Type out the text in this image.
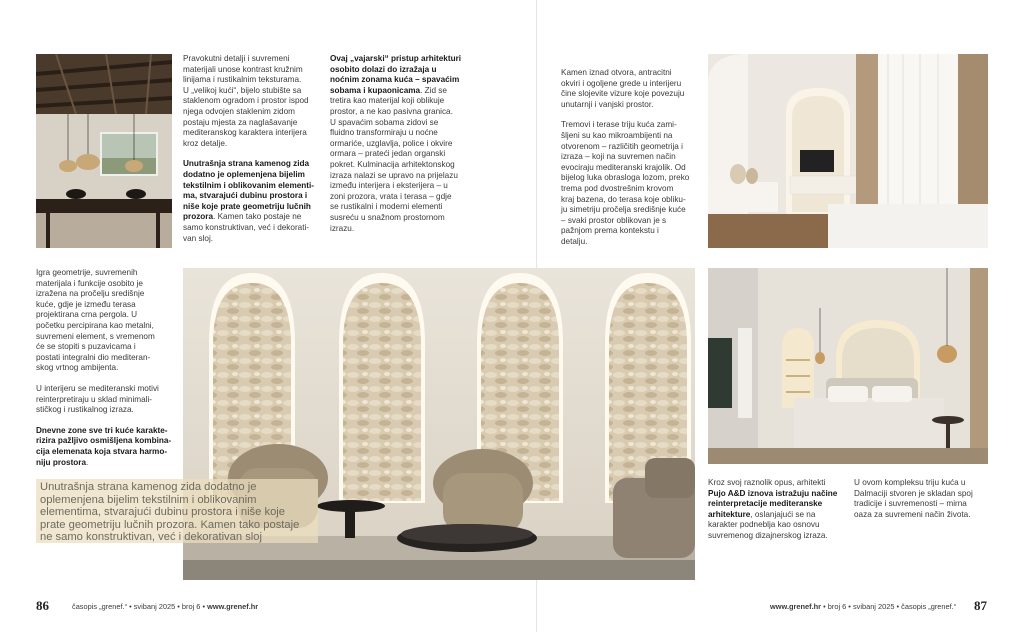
Pravokutni detalji i suvremeni
materijali unose kontrast kružnim
linijama i rustikalnim teksturama.
U „velikoj kući“, bijelo stubište sa
staklenom ogradom i prostor ispod
njega odvojen staklenim zidom
postaju mjesta za naglašavanje
mediteranskog karaktera interijera
kroz detalje.

Unutrašnja strana kamenog zida
dodatno je oplemenjena bijelim
tekstilnim i oblikovanim elementi-
ma, stvarajući dubinu prostora i
niše koje prate geometriju lučnih
prozora. Kamen tako postaje ne
samo konstruktivan, već i dekorati-
van sloj.

Ovaj „vajarski“ pristup arhitekturi
osobito dolazi do izražaja u
noćnim zonama kuća – spavaćim
sobama i kupaonicama. Zid se
tretira kao materijal koji oblikuje
prostor, a ne kao pasivna granica.
U spavaćim sobama zidovi se
fluidno transformiraju u noćne
ormariće, uzglavlja, police i okvire
ormara – prateći jedan organski
pokret. Kulminacija arhitektonskog
izraza nalazi se upravo na prijelazu
između interijera i eksterijera – u
zoni prozora, vrata i terasa – gdje
se rustikalni i moderni elementi
susreću u snažnom prostornom
izrazu.

Igra geometrije, suvremenih
materijala i funkcije osobito je
izražena na pročelju središnje
kuće, gdje je između terasa
projektirana crna pergola. U
početku percipirana kao metalni,
suvremeni element, s vremenom
će se stopiti s puzavicama i
postati integralni dio mediteran-
skog vrtnog ambijenta.

U interijeru se mediteranski motivi
reinterpretiraju u sklad minimali-
stičkog i rustikalnog izraza.

Dnevne zone sve tri kuće karakte-
rizira pažljivo osmišljena kombina-
cija elemenata koja stvara harmo-
niju prostora.

Unutrašnja strana kamenog zida dodatno je
oplemenjena bijelim tekstilnim i oblikovanim
elementima, stvarajući dubinu prostora i niše koje
prate geometriju lučnih prozora. Kamen tako postaje
ne samo konstruktivan, već i dekorativan sloj
86	časopis „grenef.“ • svibanj 2025 • broj 6 • www.grenef.hr

Kamen iznad otvora, antracitni
okviri i ogoljene grede u interijeru
čine slojevite vizure koje povezuju
unutarnji i vanjski prostor.

Tremovi i terase triju kuća zami-
šljeni su kao mikroambijenti na
otvorenom – različitih geometrija i
izraza – koji na suvremen način
evociraju mediteranski krajolik. Od
bijelog luka obrasloga lozom, preko
trema pod dvostrešnim krovom
kraj bazena, do terasa koje obliku-
ju simetriju pročelja središnje kuće
– svaki prostor oblikovan je s
pažnjom prema kontekstu i
detalju.

Kroz svoj raznolik opus, arhitekti
Pujo A&D iznova istražuju načine
reinterpretacije mediteranske
arhitekture, oslanjajući se na
karakter podneblja kao osnovu
suvremenog dizajnerskog izraza.

U ovom kompleksu triju kuća u
Dalmaciji stvoren je skladan spoj
tradicije i suvremenosti – mirna
oaza za suvremeni način života.

www.grenef.hr • broj 6 • svibanj 2025 • časopis „grenef.“ 87
